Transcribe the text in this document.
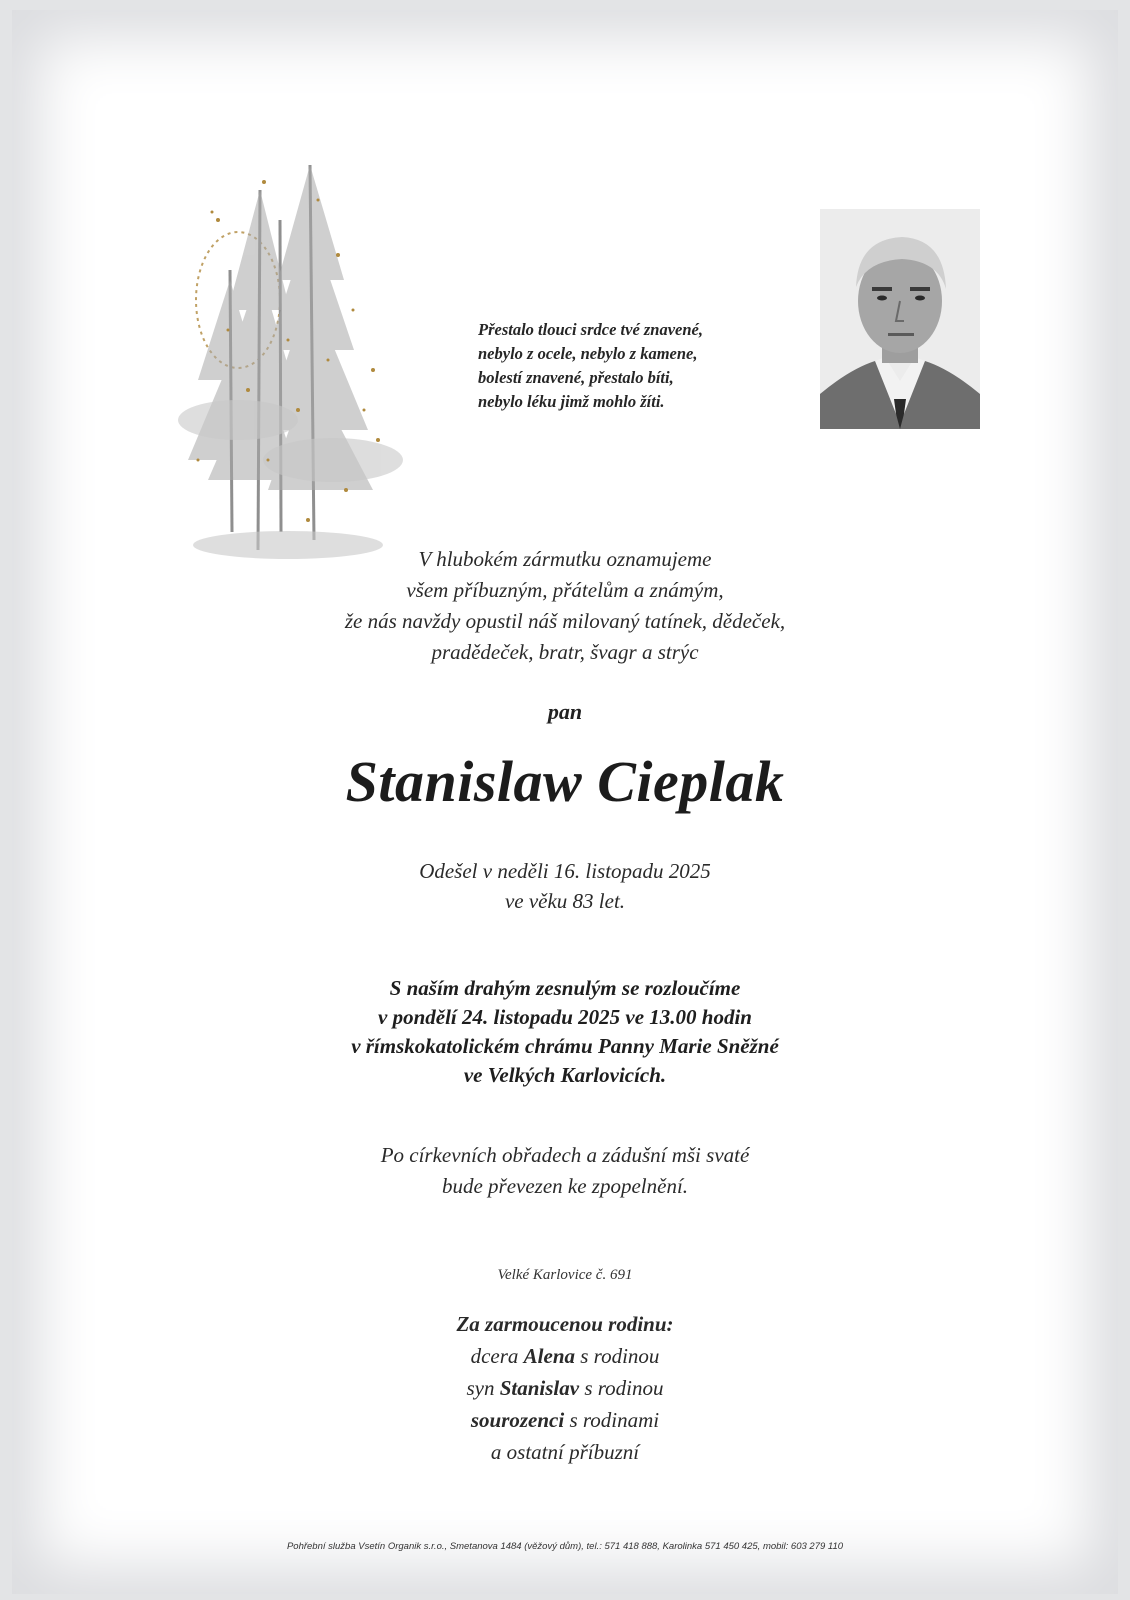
Přestalo tlouci srdce tvé znavené,
nebylo z ocele, nebylo z kamene,
bolestí znavené, přestalo bíti,
nebylo léku jimž mohlo žíti.
V hlubokém zármutku oznamujeme
všem příbuzným, přátelům a známým,
že nás navždy opustil náš milovaný tatínek, dědeček,
pradědeček, bratr, švagr a strýc
pan
Stanislaw Cieplak
Odešel v neděli 16. listopadu 2025
ve věku 83 let.
S naším drahým zesnulým se rozloučíme
v pondělí 24. listopadu 2025 ve 13.00 hodin
v římskokatolickém chrámu Panny Marie Sněžné
ve Velkých Karlovicích.
Po církevních obřadech a zádušní mši svaté
bude převezen ke zpopelnění.
Velké Karlovice č. 691
Za zarmoucenou rodinu:
dcera Alena s rodinou
syn Stanislav s rodinou
sourozenci s rodinami
a ostatní příbuzní
Pohřební služba Vsetín Organik s.r.o., Smetanova 1484 (věžový dům), tel.: 571 418 888, Karolinka 571 450 425, mobil: 603 279 110
